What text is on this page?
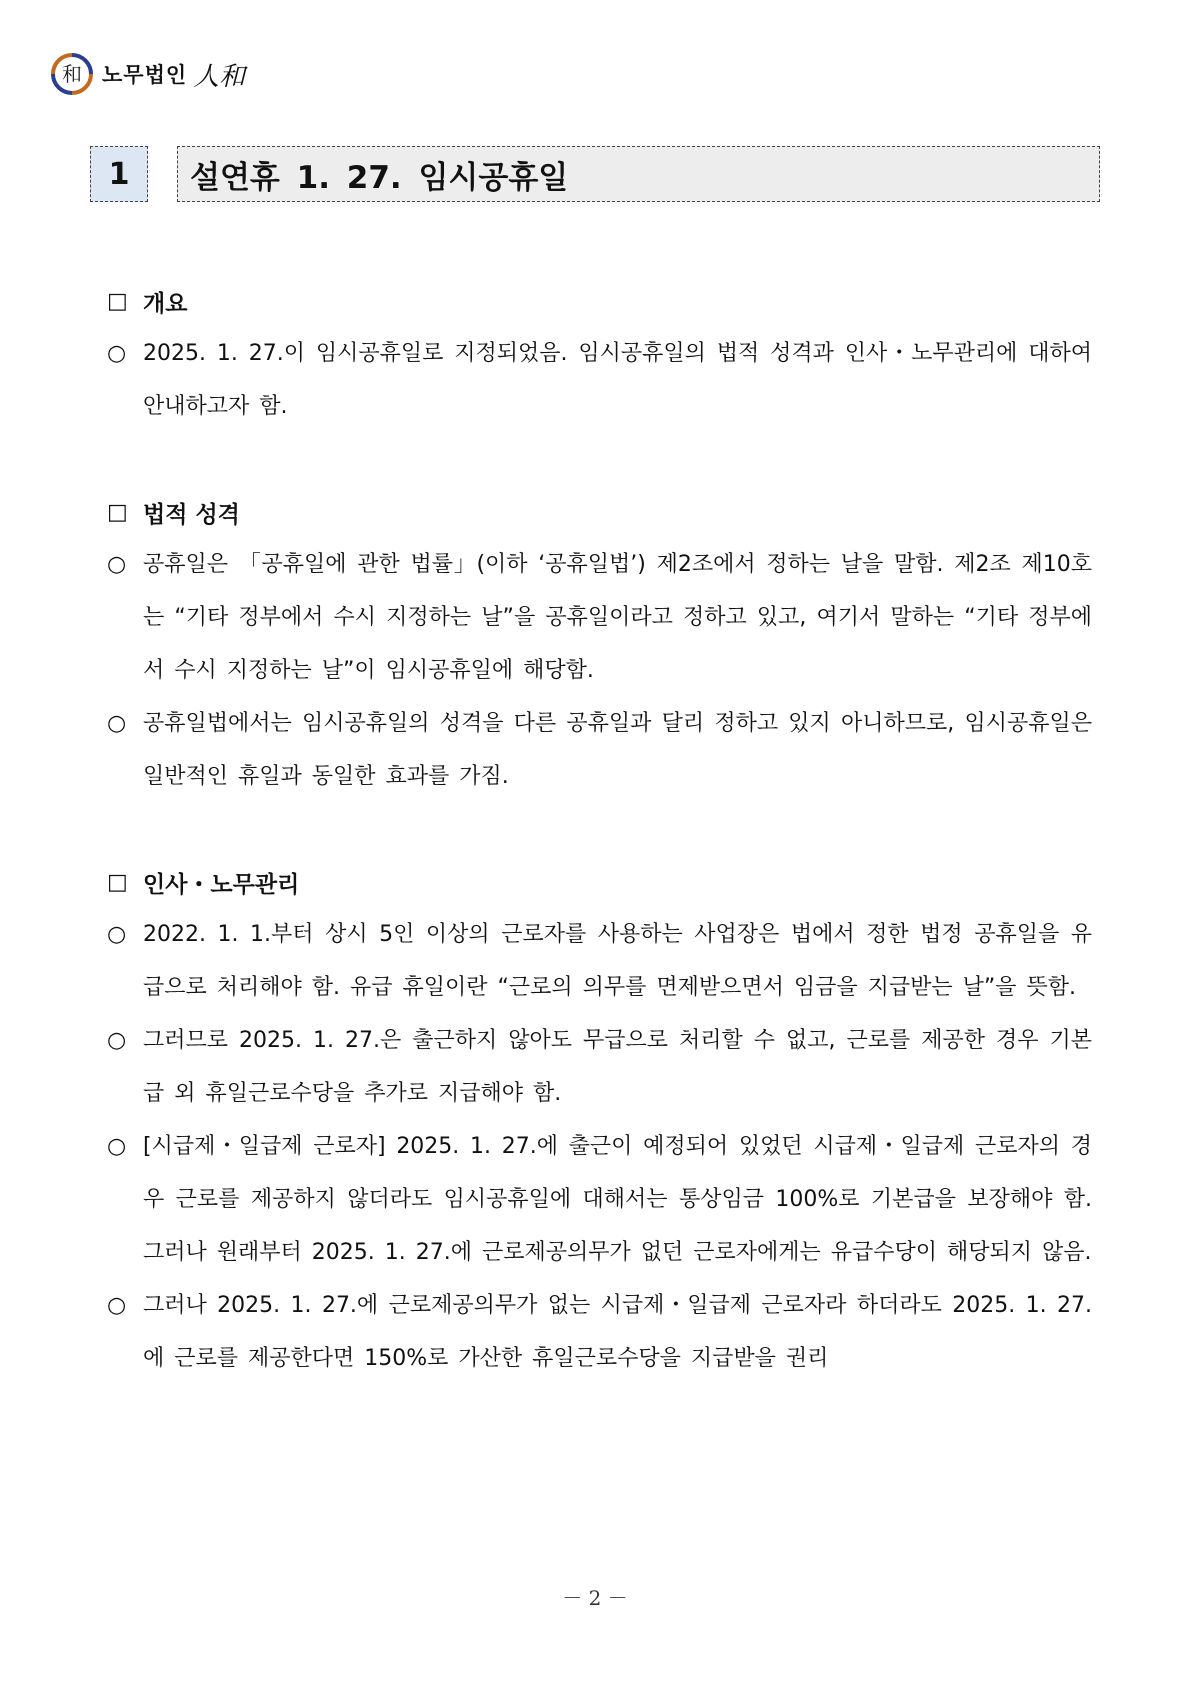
和 노무법인 人和
1	설연휴 1. 27. 임시공휴일
□ 개요
○ 2025. 1. 27.이 임시공휴일로 지정되었음. 임시공휴일의 법적 성격과 인사・노무관리에 대하여 안내하고자 함.
□ 법적 성격
○ 공휴일은 「공휴일에 관한 법률」(이하 ‘공휴일법’) 제2조에서 정하는 날을 말함. 제2조 제10호는 “기타 정부에서 수시 지정하는 날”을 공휴일이라고 정하고 있고, 여기서 말하는 “기타 정부에서 수시 지정하는 날”이 임시공휴일에 해당함.
○ 공휴일법에서는 임시공휴일의 성격을 다른 공휴일과 달리 정하고 있지 아니하므로, 임시공휴일은 일반적인 휴일과 동일한 효과를 가짐.
□ 인사・노무관리
○ 2022. 1. 1.부터 상시 5인 이상의 근로자를 사용하는 사업장은 법에서 정한 법정 공휴일을 유급으로 처리해야 함. 유급 휴일이란 “근로의 의무를 면제받으면서 임금을 지급받는 날”을 뜻함.
○ 그러므로 2025. 1. 27.은 출근하지 않아도 무급으로 처리할 수 없고, 근로를 제공한 경우 기본급 외 휴일근로수당을 추가로 지급해야 함.
○ [시급제・일급제 근로자] 2025. 1. 27.에 출근이 예정되어 있었던 시급제・일급제 근로자의 경우 근로를 제공하지 않더라도 임시공휴일에 대해서는 통상임금 100%로 기본급을 보장해야 함. 그러나 원래부터 2025. 1. 27.에 근로제공의무가 없던 근로자에게는 유급수당이 해당되지 않음.
○ 그러나 2025. 1. 27.에 근로제공의무가 없는 시급제・일급제 근로자라 하더라도 2025. 1. 27.에 근로를 제공한다면 150%로 가산한 휴일근로수당을 지급받을 권리
－ 2 －
